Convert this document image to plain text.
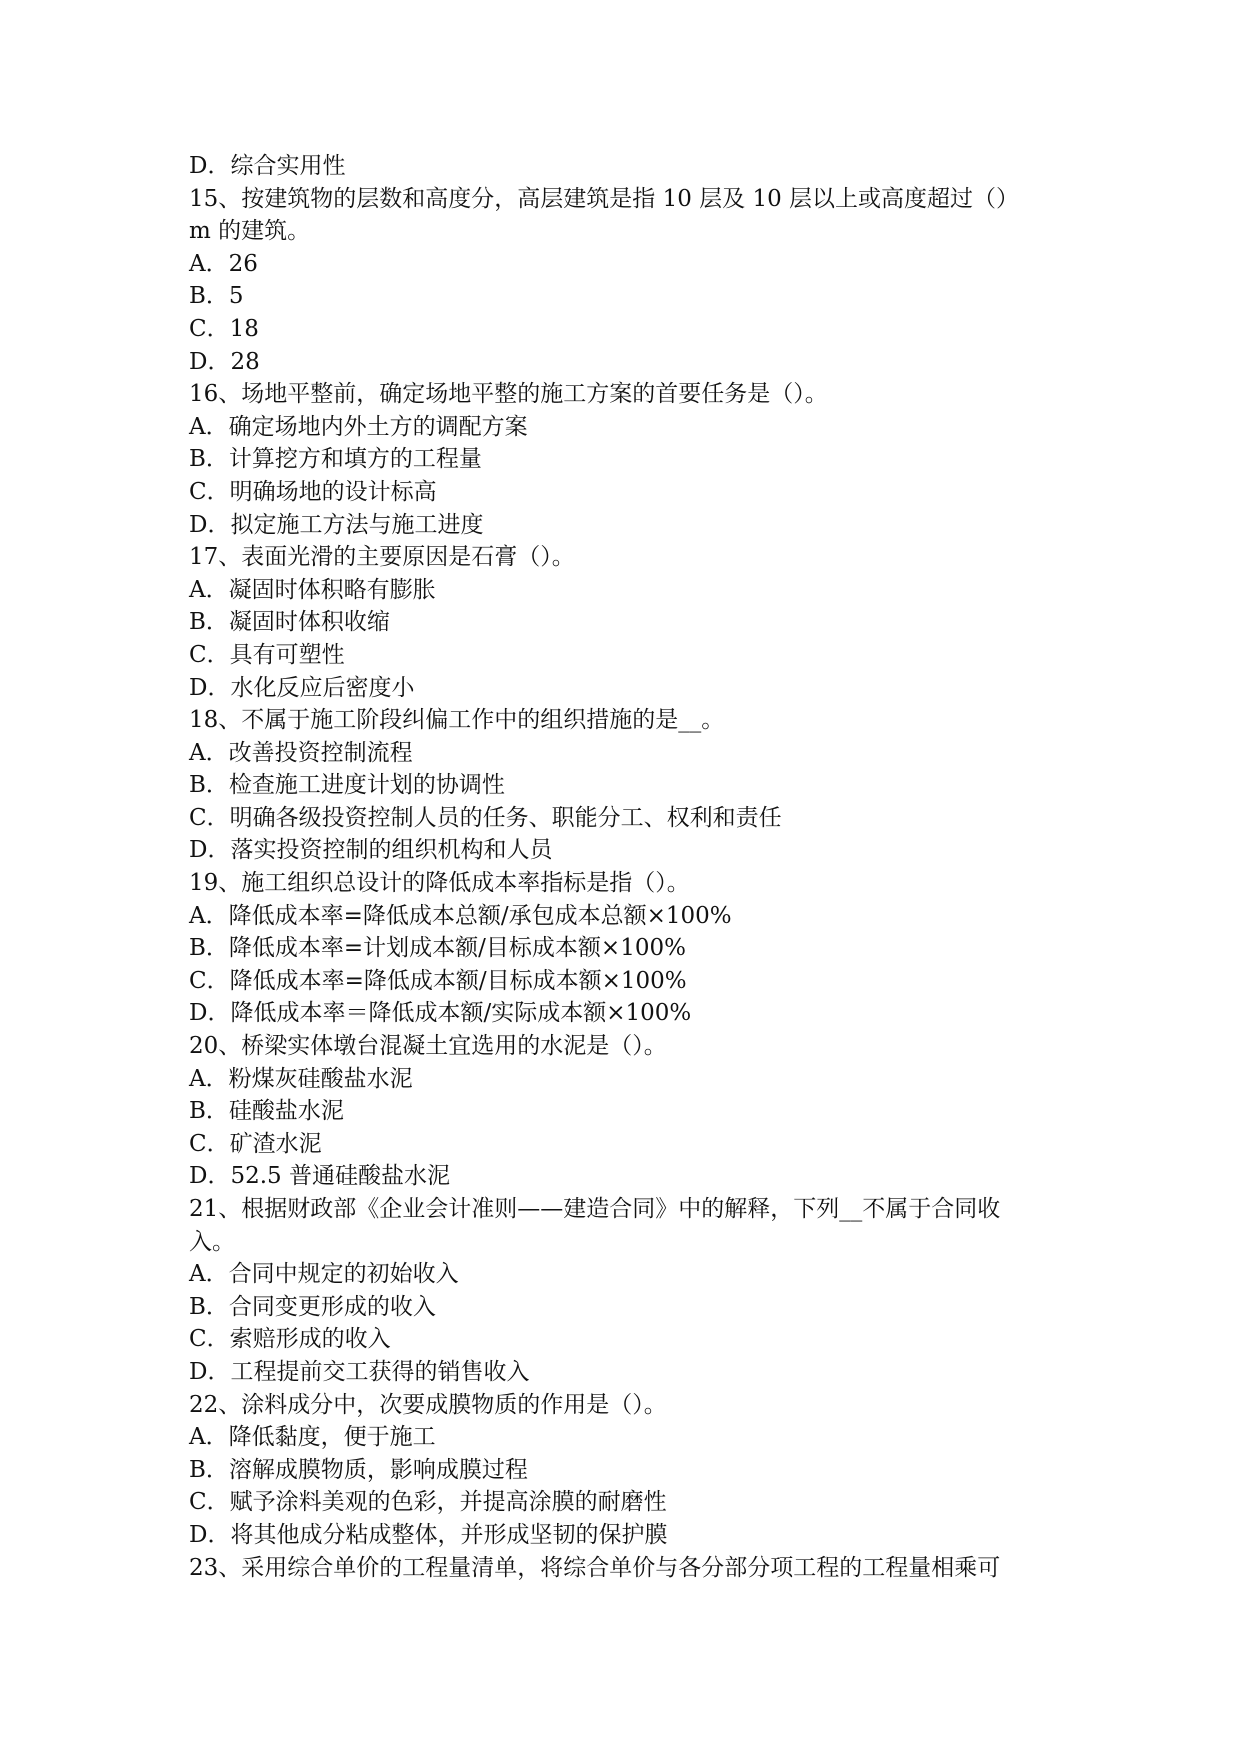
D．综合实用性

15、按建筑物的层数和高度分，高层建筑是指 10 层及 10 层以上或高度超过（）

m 的建筑。

A．26

B．5

C．18

D．28

16、场地平整前，确定场地平整的施工方案的首要任务是（）。

A．确定场地内外土方的调配方案

B．计算挖方和填方的工程量

C．明确场地的设计标高

D．拟定施工方法与施工进度

17、表面光滑的主要原因是石膏（）。

A．凝固时体积略有膨胀

B．凝固时体积收缩

C．具有可塑性

D．水化反应后密度小

18、不属于施工阶段纠偏工作中的组织措施的是__。

A．改善投资控制流程

B．检查施工进度计划的协调性

C．明确各级投资控制人员的任务、职能分工、权利和责任

D．落实投资控制的组织机构和人员

19、施工组织总设计的降低成本率指标是指（）。

A．降低成本率=降低成本总额/承包成本总额×100%

B．降低成本率=计划成本额/目标成本额×100%

C．降低成本率=降低成本额/目标成本额×100%

D．降低成本率＝降低成本额/实际成本额×100%

20、桥梁实体墩台混凝土宜选用的水泥是（）。

A．粉煤灰硅酸盐水泥

B．硅酸盐水泥

C．矿渣水泥

D．52.5 普通硅酸盐水泥

21、根据财政部《企业会计准则——建造合同》中的解释，下列__不属于合同收

入。

A．合同中规定的初始收入

B．合同变更形成的收入

C．索赔形成的收入

D．工程提前交工获得的销售收入

22、涂料成分中，次要成膜物质的作用是（）。

A．降低黏度，便于施工

B．溶解成膜物质，影响成膜过程

C．赋予涂料美观的色彩，并提高涂膜的耐磨性

D．将其他成分粘成整体，并形成坚韧的保护膜

23、采用综合单价的工程量清单，将综合单价与各分部分项工程的工程量相乘可
